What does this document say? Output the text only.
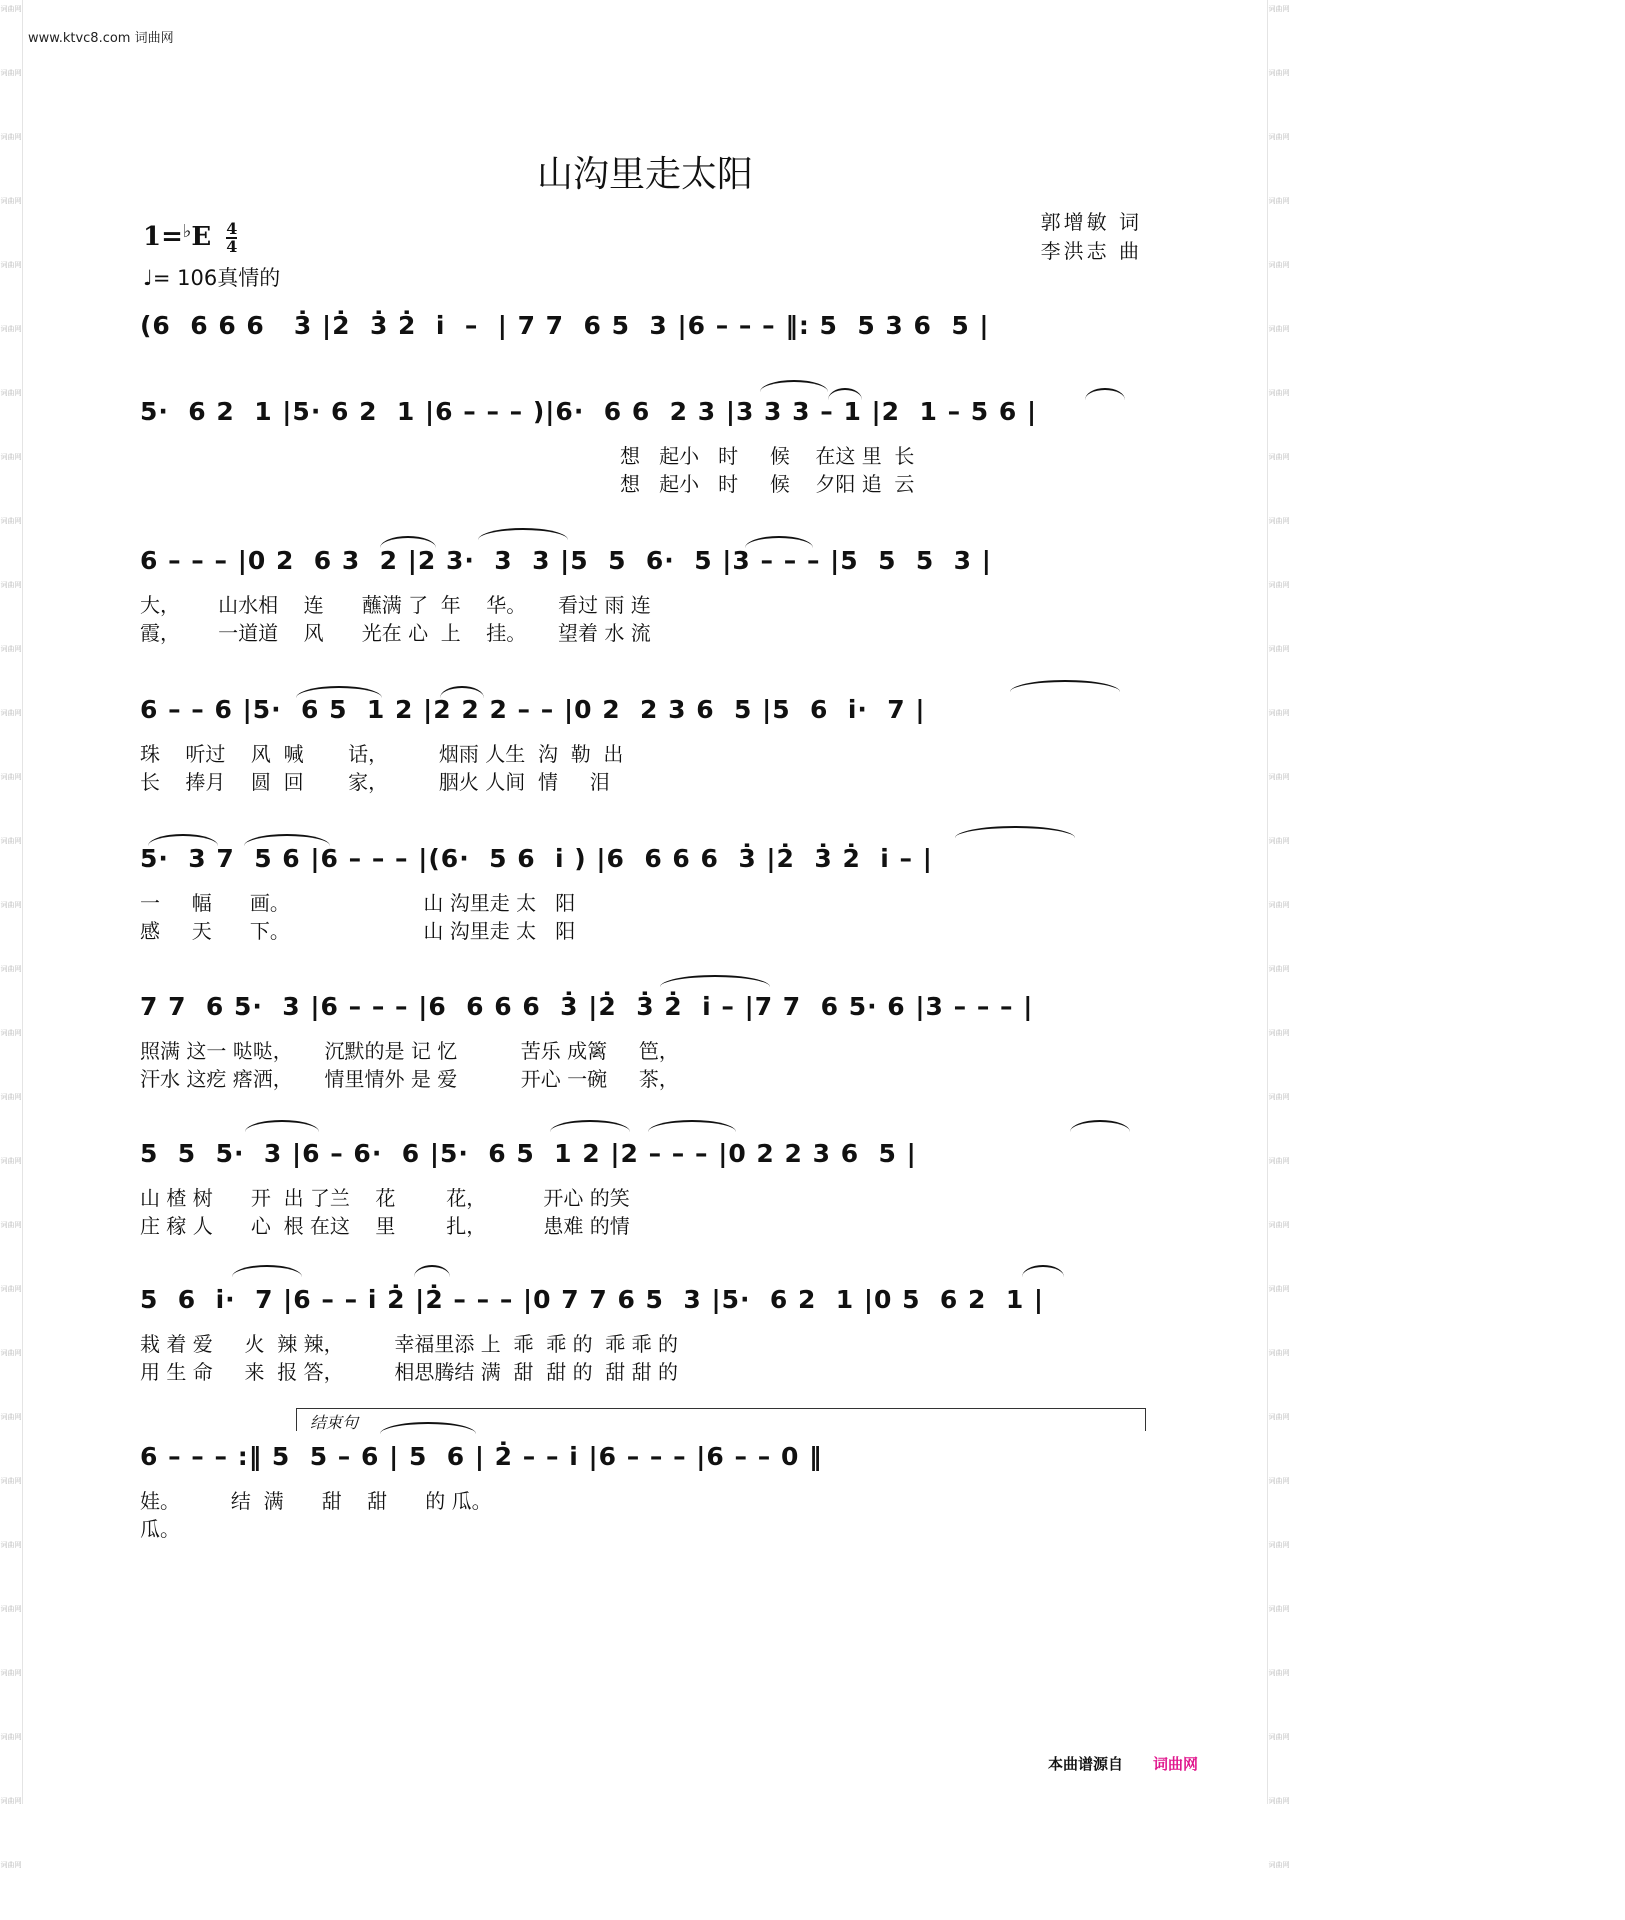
词曲网
词曲网
词曲网
词曲网
词曲网
词曲网
词曲网
词曲网
词曲网
词曲网
词曲网
词曲网
词曲网
词曲网
词曲网
词曲网
词曲网
词曲网
词曲网
词曲网
词曲网
词曲网
词曲网
词曲网
词曲网
词曲网
词曲网
词曲网
词曲网
词曲网
词曲网
词曲网
词曲网
词曲网
词曲网
词曲网
词曲网
词曲网
词曲网
词曲网
词曲网
词曲网
词曲网
词曲网
词曲网
词曲网
词曲网
词曲网
词曲网
词曲网
词曲网
词曲网
词曲网
词曲网
词曲网
词曲网
词曲网
词曲网
词曲网
词曲网
www.ktvc8.com 词曲网
山沟里走太阳
$1=^♭E \frac{4}{4}$
♩= 106真情的
郭增敏 词
李洪志 曲
(6  6 6 6   3̇ |2̇  3̇ 2̇  i̇  –  | 7 7  6 5  3 |6 – – – ‖: 5  5 3 6  5 |
5·  6 2  1 |5· 6 2  1 |6 – – – )|6·  6 6  2 3 |3 3 3 – 1 |2  1 – 5 6 |
想   起小   时     候    在这 里  长
想   起小   时     候    夕阳 追  云
6 – – – |0 2  6 3  2 |2 3·  3  3 |5  5  6·  5 |3 – – – |5  5  5  3 |
大，      山水相    连      蘸满 了  年    华。     看过 雨 连
霞，      一道道    风      光在 心  上    挂。     望着 水 流
6 – – 6 |5·  6 5  1 2 |2 2 2 – – |0 2  2 3 6  5 |5  6  i̇·  7 |
珠    听过    风  喊       话，        烟雨 人生  沟  勒  出
长    捧月    圆  回       家，        胭火 人间  情     泪
5·  3 7  5 6 |6 – – – |(6·  5 6  i̇ ) |6  6 6 6  3̇ |2̇  3̇ 2̇  i̇ – |
一     幅      画。                     山 沟里走 太   阳
感     天      下。                     山 沟里走 太   阳
7 7  6 5·  3 |6 – – – |6  6 6 6  3̇ |2̇  3̇ 2̇  i̇ – |7 7  6 5· 6 |3 – – – |
照满 这一 哒哒，     沉默的是 记 忆          苦乐 成篱     笆，
汗水 这疙 瘩洒，     情里情外 是 爱          开心 一碗     茶，
5  5  5·  3 |6 – 6·  6 |5·  6 5  1 2 |2 – – – |0 2 2 3 6  5 |
山 楂 树      开  出 了兰    花        花，         开心 的笑
庄 稼 人      心  根 在这    里        扎，         患难 的情
5  6  i̇·  7 |6 – – i̇ 2̇ |2̇ – – – |0 7 7 6 5  3 |5·  6 2  1 |0 5  6 2  1 |
栽 着 爱     火  辣 辣，        幸福里添 上  乖  乖 的  乖 乖 的
用 生 命     来  报 答，        相思腾结 满  甜  甜 的  甜 甜 的
结束句
6 – – – :‖ 5  5 – 6 | 5  6 | 2̇ – – i̇ |6 – – – |6 – – 0 ‖
娃。        结  满      甜    甜      的 瓜。
瓜。
本曲谱源自 词曲网
